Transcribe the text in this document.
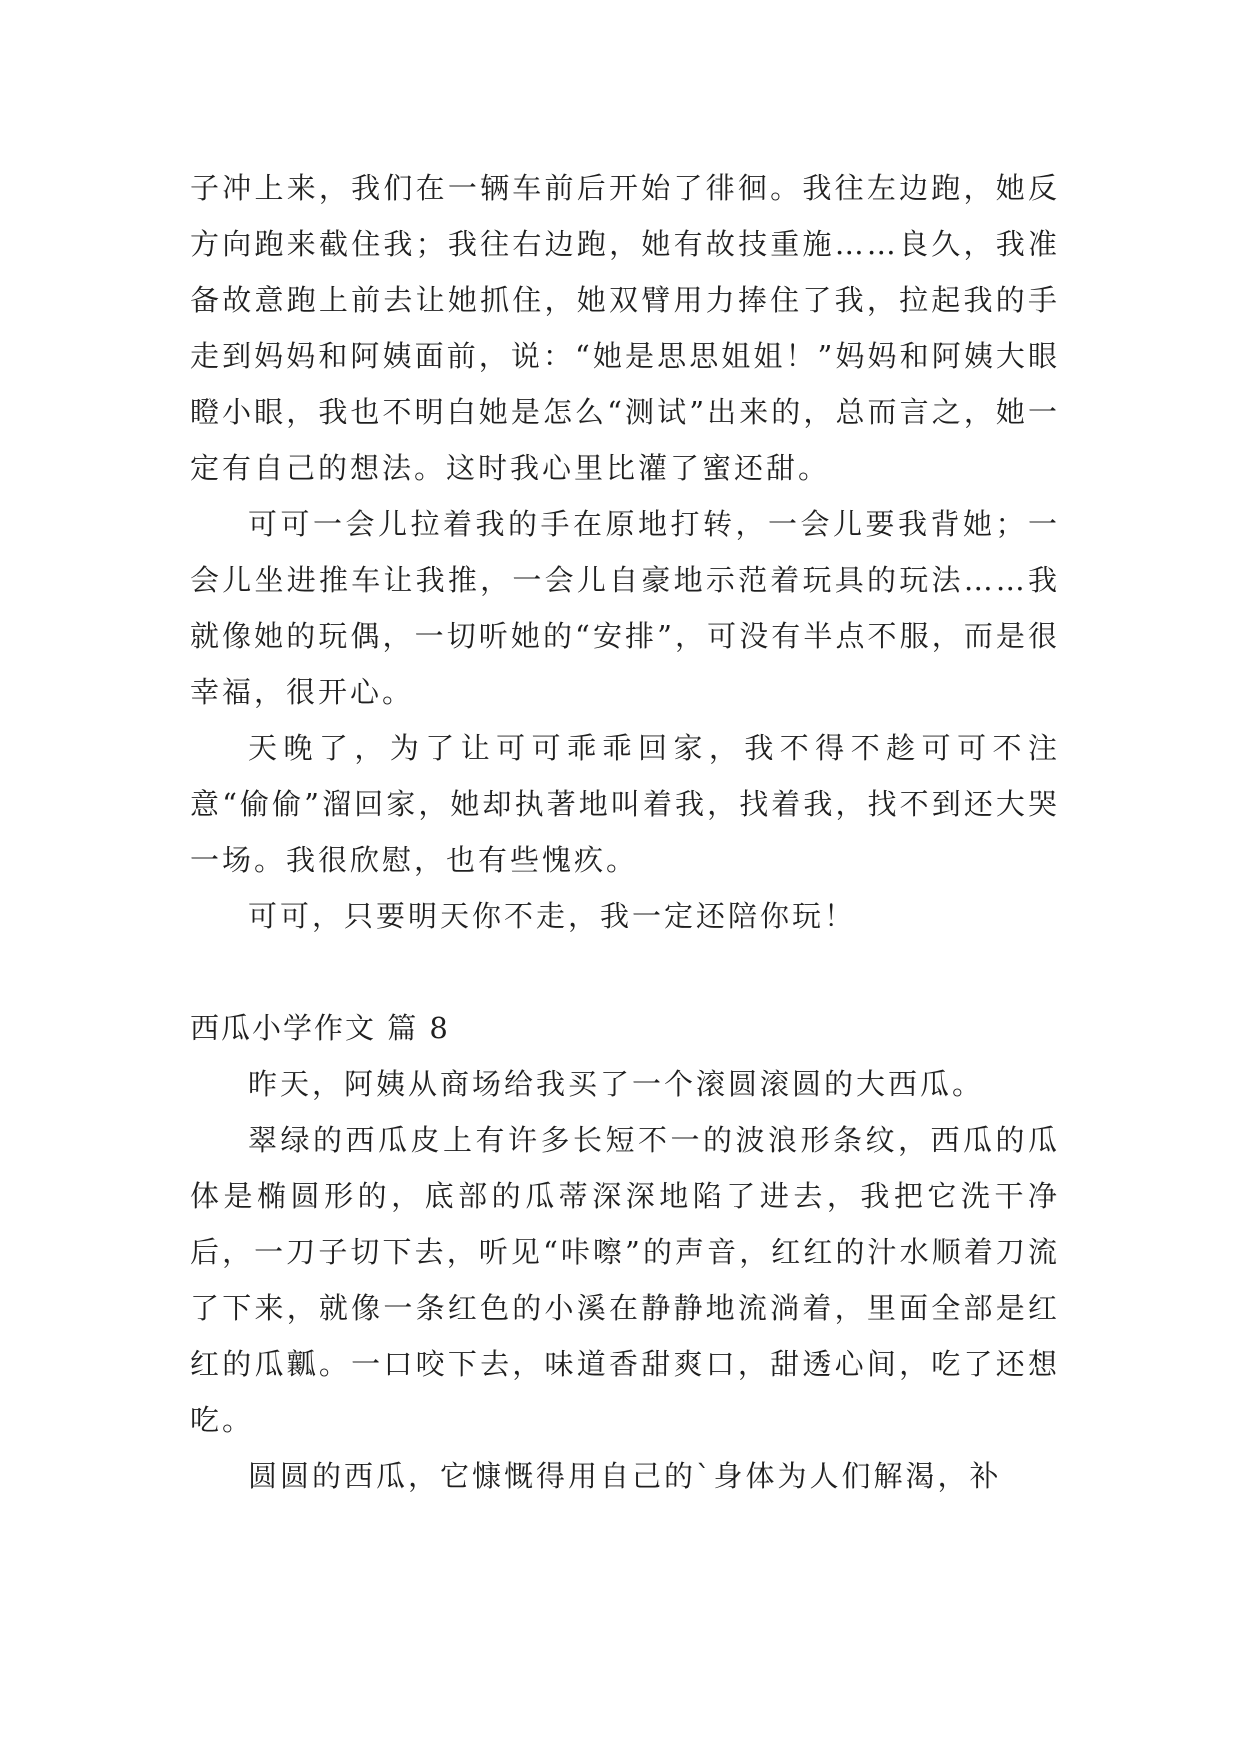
子冲上来，我们在一辆车前后开始了徘徊。我往左边跑，她反方向跑来截住我；我往右边跑，她有故技重施……良久，我准备故意跑上前去让她抓住，她双臂用力捧住了我，拉起我的手走到妈妈和阿姨面前，说：“她是思思姐姐！”妈妈和阿姨大眼瞪小眼，我也不明白她是怎么“测试”出来的，总而言之，她一定有自己的想法。这时我心里比灌了蜜还甜。

可可一会儿拉着我的手在原地打转，一会儿要我背她；一会儿坐进推车让我推，一会儿自豪地示范着玩具的玩法……我就像她的玩偶，一切听她的“安排”，可没有半点不服，而是很幸福，很开心。

天晚了，为了让可可乖乖回家，我不得不趁可可不注意“偷偷”溜回家，她却执著地叫着我，找着我，找不到还大哭一场。我很欣慰，也有些愧疚。

可可，只要明天你不走，我一定还陪你玩！

西瓜小学作文 篇 8

昨天，阿姨从商场给我买了一个滚圆滚圆的大西瓜。

翠绿的西瓜皮上有许多长短不一的波浪形条纹，西瓜的瓜体是椭圆形的，底部的瓜蒂深深地陷了进去，我把它洗干净后，一刀子切下去，听见“咔嚓”的声音，红红的汁水顺着刀流了下来，就像一条红色的小溪在静静地流淌着，里面全部是红红的瓜瓤。一口咬下去，味道香甜爽口，甜透心间，吃了还想吃。

圆圆的西瓜，它慷慨得用自己的`身体为人们解渴，补
